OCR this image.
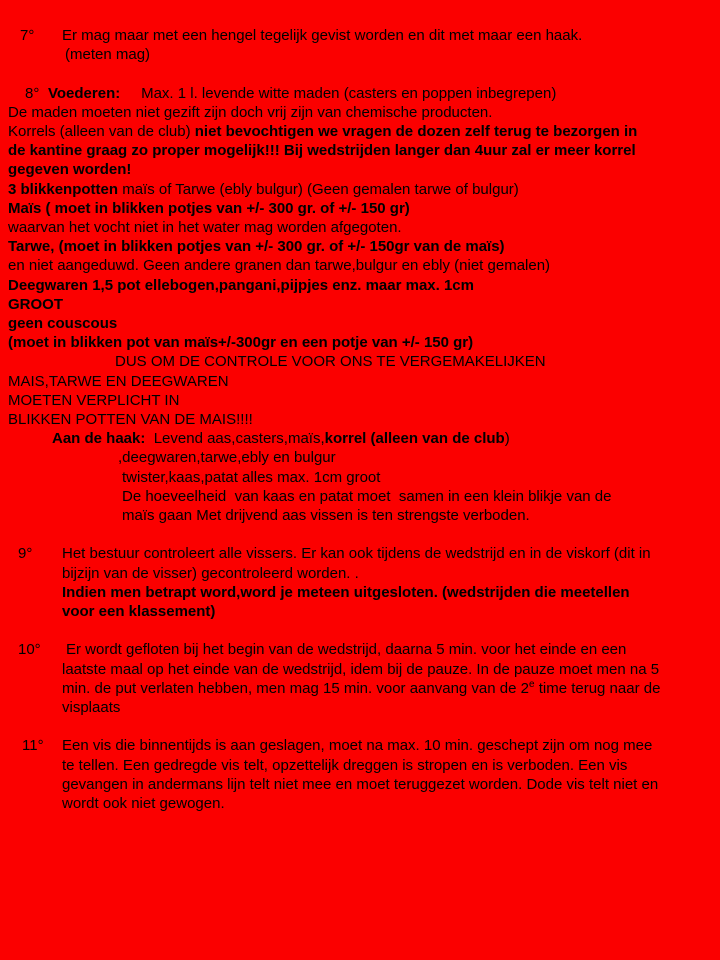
7°	Er mag maar met een hengel tegelijk gevist worden en dit met maar een haak.
(meten mag)
8° Voederen:     Max. 1 l. levende witte maden (casters en poppen inbegrepen)
De maden moeten niet gezift zijn doch vrij zijn van chemische producten.
Korrels (alleen van de club) niet bevochtigen we vragen de dozen zelf terug te bezorgen in
de kantine graag zo proper mogelijk!!! Bij wedstrijden langer dan 4uur zal er meer korrel
gegeven worden!
3 blikkenpotten maïs of Tarwe (ebly bulgur) (Geen gemalen tarwe of bulgur)
Maïs ( moet in blikken potjes van +/- 300 gr. of +/- 150 gr)
waarvan het vocht niet in het water mag worden afgegoten.
Tarwe, (moet in blikken potjes van +/- 300 gr. of +/- 150gr van de maïs)
en niet aangeduwd. Geen andere granen dan tarwe,bulgur en ebly (niet gemalen)
Deegwaren 1,5 pot ellebogen,pangani,pijpjes enz. maar max. 1cm
GROOT
geen couscous
(moet in blikken pot van maïs+/-300gr en een potje van +/- 150 gr)
DUS OM DE CONTROLE VOOR ONS TE VERGEMAKELIJKEN
MAIS,TARWE EN DEEGWAREN
MOETEN VERPLICHT IN
BLIKKEN POTTEN VAN DE MAIS!!!!
Aan de haak:  Levend aas,casters,maïs,korrel (alleen van de club)
,deegwaren,tarwe,ebly en bulgur
twister,kaas,patat alles max. 1cm groot
De hoeveelheid  van kaas en patat moet  samen in een klein blikje van de
maïs gaan Met drijvend aas vissen is ten strengste verboden.
9°	Het bestuur controleert alle vissers. Er kan ook tijdens de wedstrijd en in de viskorf (dit in
bijzijn van de visser) gecontroleerd worden. .
Indien men betrapt word,word je meteen uitgesloten. (wedstrijden die meetellen
voor een klassement)
10°	Er wordt gefloten bij het begin van de wedstrijd, daarna 5 min. voor het einde en een
laatste maal op het einde van de wedstrijd, idem bij de pauze. In de pauze moet men na 5
min. de put verlaten hebben, men mag 15 min. voor aanvang van de 2e time terug naar de
visplaats
11°	Een vis die binnentijds is aan geslagen, moet na max. 10 min. geschept zijn om nog mee
te tellen. Een gedregde vis telt, opzettelijk dreggen is stropen en is verboden. Een vis
gevangen in andermans lijn telt niet mee en moet teruggezet worden. Dode vis telt niet en
wordt ook niet gewogen.
